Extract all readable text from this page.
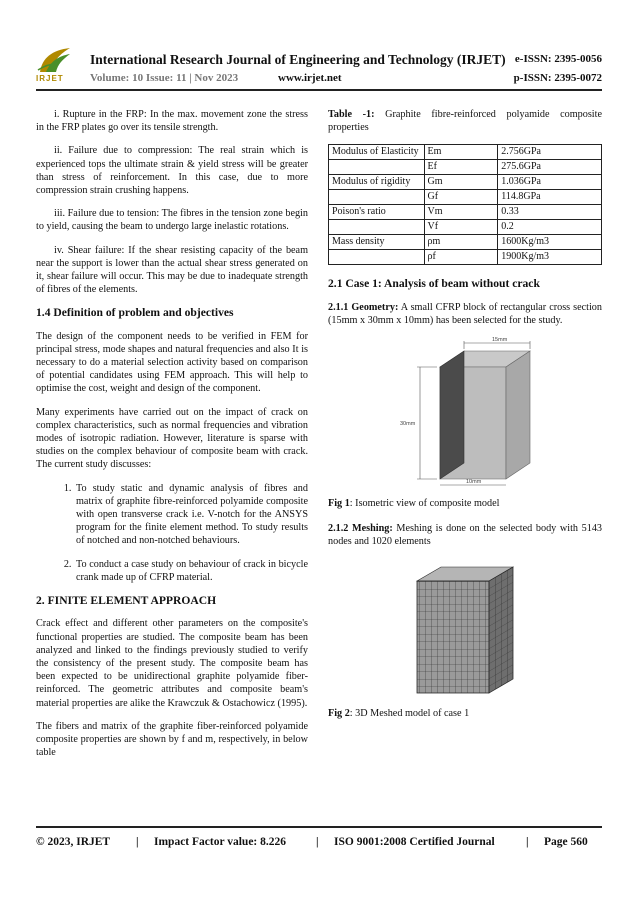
IRJET
International Research Journal of Engineering and Technology (IRJET)
Volume: 10 Issue: 11 | Nov 2023	www.irjet.net
e-ISSN: 2395-0056
p-ISSN: 2395-0072

i. Rupture in the FRP: In the max. movement zone the stress in the FRP plates go over its tensile strength.

ii. Failure due to compression: The real strain which is experienced tops the ultimate strain & yield stress will be greater than stress of reinforcement. In this case, due to more compression strain crushing happens.

iii. Failure due to tension: The fibres in the tension zone begin to yield, causing the beam to undergo large inelastic rotations.

iv. Shear failure: If the shear resisting capacity of the beam near the support is lower than the actual shear stress generated on it, shear failure will occur. This may be due to inadequate strength of fibres of the elements.

1.4 Definition of problem and objectives

The design of the component needs to be verified in FEM for principal stress, mode shapes and natural frequencies and also It is necessary to do a material selection activity based on comparison of potential candidates using FEM approach. This will help to optimise the cost, weight and design of the component.

Many experiments have carried out on the impact of crack on complex characteristics, such as normal frequencies and vibration modes of isotropic radiation. However, literature is sparse with studies on the complex behaviour of composite beam with crack. The current study discusses:

1. To study static and dynamic analysis of fibres and matrix of graphite fibre-reinforced polyamide composite with open transverse crack i.e. V-notch for the ANSYS program for the finite element method. To study results of notched and non-notched behaviours.
2. To conduct a case study on behaviour of crack in bicycle crank made up of CFRP material.
2. FINITE ELEMENT APPROACH

Crack effect and different other parameters on the composite's functional properties are studied. The composite beam has been analyzed and linked to the findings previously studied to verify the consistency of the present study. The composite beam has been expected to be unidirectional graphite polyamide fiber-reinforced. The geometric attributes and composite beam's material properties are alike the Krawczuk & Ostachowicz (1995).

The fibers and matrix of the graphite fiber-reinforced polyamide composite properties are shown by f and m, respectively, in below table

Table -1: Graphite fibre-reinforced polyamide composite properties

Modulus of Elasticity	Em	2.756GPa
	Ef	275.6GPa
Modulus of rigidity	Gm	1.036GPa
	Gf	114.8GPa
Poison's ratio	Vm	0.33
	Vf	0.2
Mass density	ρm	1600Kg/m3
	ρf	1900Kg/m3
2.1 Case 1: Analysis of beam without crack

2.1.1 Geometry: A small CFRP block of rectangular cross section (15mm x 30mm x 10mm) has been selected for the study.

15mm
30mm
10mm

Fig 1: Isometric view of composite model

2.1.2 Meshing: Meshing is done on the selected body with 5143 nodes and 1020 elements

Fig 2: 3D Meshed model of case 1

© 2023, IRJET | Impact Factor value: 8.226	| ISO 9001:2008 Certified Journal	| Page 560
